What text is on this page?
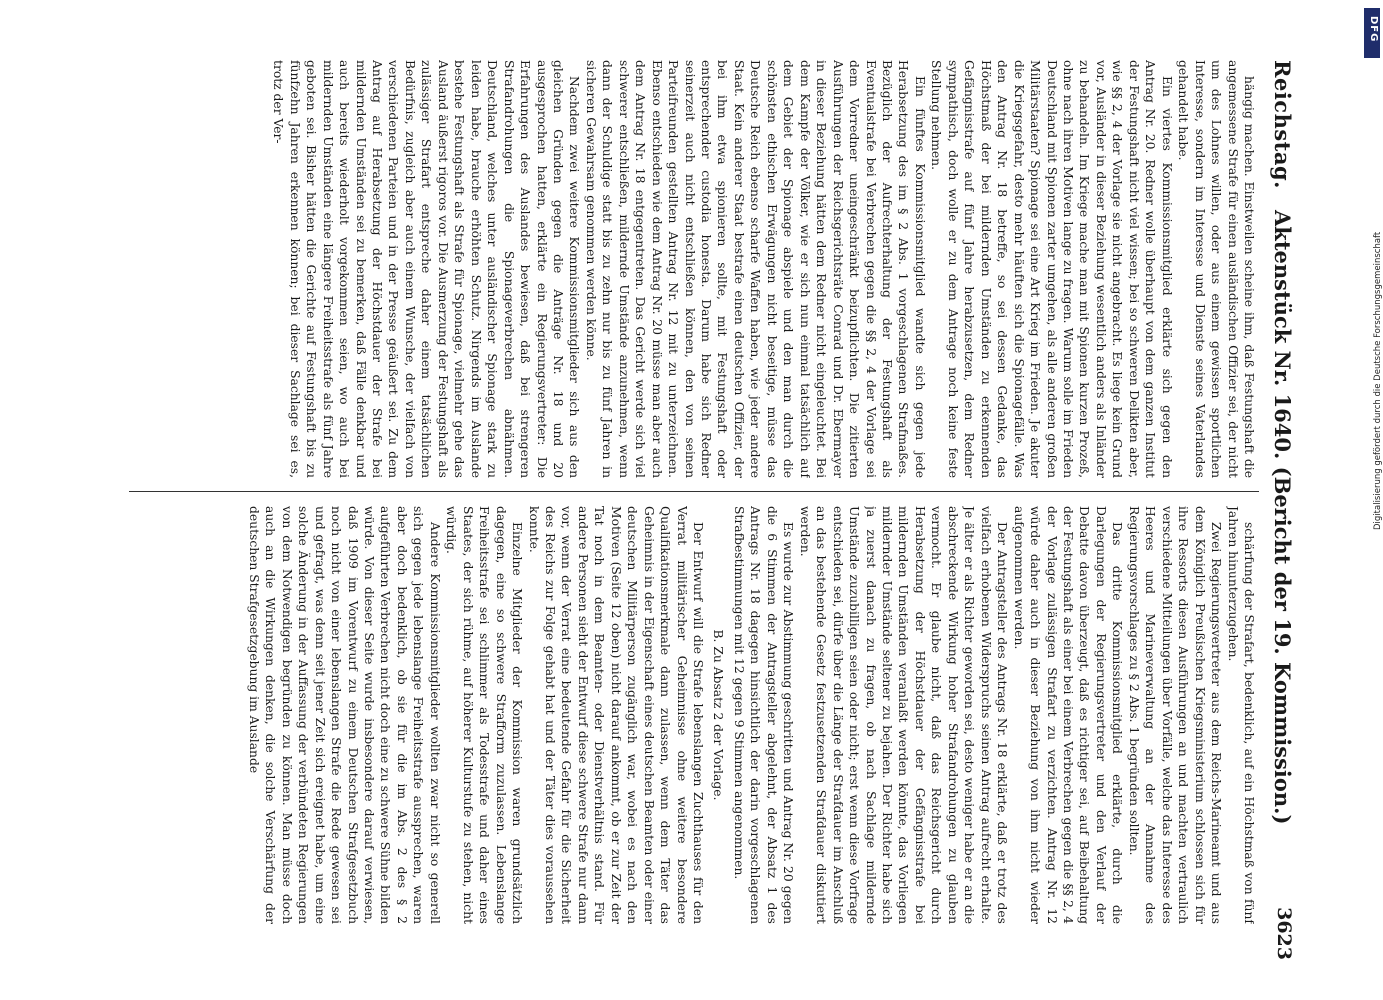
Reichstag.
Aktenstück Nr. 1640. (Bericht der 19. Kommission.)
3623

hängig machen. Einstweilen scheine ihm, daß Festungshaft die angemessene Strafe für einen ausländischen Offizier sei, der nicht um des Lohnes willen, oder aus einem gewissen sportlichen Interesse, sondern im Interesse und Dienste seines Vaterlandes gehandelt habe.

Ein viertes Kommissionsmitglied erklärte sich gegen den Antrag Nr. 20. Redner wolle überhaupt von dem ganzen Institut der Festungshaft nicht viel wissen; bei so schweren Delikten aber, wie §§ 2, 4 der Vorlage sie nicht angebracht. Es liege kein Grund vor, Ausländer in dieser Beziehung wesentlich anders als Inländer zu behandeln. Im Kriege mache man mit Spionen kurzen Prozeß, ohne nach ihren Motiven lange zu fragen. Warum solle im Frieden Deutschland mit Spionen zarter umgehen, als alle anderen großen Militärstaaten? Spionage sei eine Art Krieg im Frieden. Je akuter die Kriegsgefahr, desto mehr häuften sich die Spionagefälle. Was den Antrag Nr. 18 betreffe, so sei dessen Gedanke, das Höchstmaß der bei mildernden Umständen zu erkennenden Gefängnisstrafe auf fünf Jahre herabzusetzen, dem Redner sympathisch, doch wolle er zu dem Antrage noch keine feste Stellung nehmen.

Ein fünftes Kommissionsmitglied wandte sich gegen jede Herabsetzung des im § 2 Abs. 1 vorgeschlagenen Strafmaßes. Bezüglich der Aufrechterhaltung der Festungshaft als Eventualstrafe bei Verbrechen gegen die §§ 2, 4 der Vorlage sei dem Vorredner uneingeschränkt beizupflichten. Die zitierten Ausführungen der Reichsgerichtsräte Conrad und Dr. Ebermayer in dieser Beziehung hätten dem Redner nicht eingeleuchtet. Bei dem Kampfe der Völker, wie er sich nun einmal tatsächlich auf dem Gebiet der Spionage abspiele und den man durch die schönsten ethischen Erwägungen nicht beseitige, müsse das Deutsche Reich ebenso scharfe Waffen haben, wie jeder andere Staat. Kein anderer Staat bestrafe einen deutschen Offizier, der bei ihm etwa spionieren sollte, mit Festungshaft oder entsprechender custodia honesta. Darum habe sich Redner seinerzeit auch nicht entschließen können, den von seinen Parteifreunden gestellten Antrag Nr. 12 mit zu unterzeichnen. Ebenso entschieden wie dem Antrag Nr. 20 müsse man aber auch dem Antrag Nr. 18 entgegentreten. Das Gericht werde sich viel schwerer entschließen, mildernde Umstände anzunehmen, wenn dann der Schuldige statt bis zu zehn nur bis zu fünf Jahren in sicheren Gewahrsam genommen werden könne.

Nachdem zwei weitere Kommissionsmitglieder sich aus den gleichen Gründen gegen die Anträge Nr. 18 und 20 ausgesprochen hatten, erklärte ein Regierungsvertreter: Die Erfahrungen des Auslandes bewiesen, daß bei strengeren Strafandrohungen die Spionageverbrechen abnähmen. Deutschland, welches unter ausländischer Spionage stark zu leiden habe, brauche erhöhten Schutz. Nirgends im Auslande bestehe Festungshaft als Strafe für Spionage, vielmehr gehe das Ausland äußerst rigoros vor. Die Ausmerzung der Festungshaft als zulässiger Strafart entspreche daher einem tatsächlichen Bedürfnis, zugleich aber auch einem Wunsche, der vielfach von verschiedenen Parteien und in der Presse geäußert sei. Zu dem Antrag auf Herabsetzung der Höchstdauer der Strafe bei mildernden Umständen sei zu bemerken, daß Fälle denkbar und auch bereits wiederholt vorgekommen seien, wo auch bei mildernden Umständen eine längere Freiheitsstrafe als fünf Jahre geboten sei. Bisher hätten die Gerichte auf Festungshaft bis zu fünfzehn Jahren erkennen können; bei dieser Sachlage sei es, trotz der Ver-

schärfung der Strafart, bedenklich, auf ein Höchstmaß von fünf Jahren hinunterzugehen.

Zwei Regierungsvertreter aus dem Reichs-Marineamt und aus dem Königlich Preußischen Kriegsministerium schlossen sich für ihre Ressorts diesen Ausführungen an und machten vertraulich verschiedene Mitteilungen über Vorfälle, welche das Interesse des Heeres und Marineverwaltung an der Annahme des Regierungsvorschlages zu § 2 Abs. 1 begründen sollten.

Das dritte Kommissionsmitglied erklärte, durch die Darlegungen der Regierungsvertreter und den Verlauf der Debatte davon überzeugt, daß es richtiger sei, auf Beibehaltung der Festungshaft als einer bei einem Verbrechen gegen die §§ 2, 4 der Vorlage zulässigen Strafart zu verzichten. Antrag Nr. 12 würde daher auch in dieser Beziehung von ihm nicht wieder aufgenommen werden.

Der Antragsteller des Antrags Nr. 18 erklärte, daß er trotz des vielfach erhobenen Widerspruchs seinen Antrag aufrecht erhalte. Je älter er als Richter geworden sei, desto weniger habe er an die abschreckende Wirkung hoher Strafandrohungen zu glauben vermocht. Er glaube nicht, daß das Reichsgericht durch Herabsetzung der Höchstdauer der Gefängnisstrafe bei mildernden Umständen veranlaßt werden könnte, das Vorliegen mildernder Umstände seltener zu bejahen. Der Richter habe sich ja zuerst danach zu fragen, ob nach Sachlage mildernde Umstände zuzubilligen seien oder nicht; erst wenn diese Vorfrage entschieden sei, dürfe über die Länge der Strafdauer im Anschluß an das bestehende Gesetz festzusetzenden Strafdauer diskutiert werden.

Es wurde zur Abstimmung geschritten und Antrag Nr. 20 gegen die 6 Stimmen der Antragsteller abgelehnt, der Absatz 1 des Antrags Nr. 18 dagegen hinsichtlich der darin vorgeschlagenen Strafbestimmungen mit 12 gegen 9 Stimmen angenommen.

B. Zu Absatz 2 der Vorlage.

Der Entwurf will die Strafe lebenslangen Zuchthauses für den Verrat militärischer Geheimnisse ohne weitere besondere Qualifikationsmerkmale dann zulassen, wenn dem Täter das Geheimnis in der Eigenschaft eines deutschen Beamten oder einer deutschen Militärperson zugänglich war, wobei es nach den Motiven (Seite 12 oben) nicht darauf ankommt, ob er zur Zeit der Tat noch in dem Beamten- oder Dienstverhältnis stand. Für andere Personen sieht der Entwurf diese schwere Strafe nur dann vor, wenn der Verrat eine bedeutende Gefahr für die Sicherheit des Reichs zur Folge gehabt hat und der Täter dies voraussehen konnte.

Einzelne Mitglieder der Kommission waren grundsätzlich dagegen, eine so schwere Strafform zuzulassen. Lebenslange Freiheitsstrafe sei schlimmer als Todesstrafe und daher eines Staates, der sich rühme, auf höherer Kulturstufe zu stehen, nicht würdig.

Andere Kommissionsmitglieder wollten zwar nicht so generell sich gegen jede lebenslange Freiheitsstrafe aussprechen, waren aber doch bedenklich, ob sie für die im Abs. 2 des § 2 aufgeführten Verbrechen nicht doch eine zu schwere Sühne bilden würde. Von dieser Seite wurde insbesondere darauf verwiesen, daß 1909 im Vorentwurf zu einem Deutschen Strafgesetzbuch noch nicht von einer lebenslangen Strafe die Rede gewesen sei und gefragt, was denn seit jener Zeit sich ereignet habe, um eine solche Änderung in der Auffassung der verbündeten Regierungen von dem Notwendigen begründen zu können. Man müsse doch auch an die Wirkungen denken, die solche Verschärfung der deutschen Strafgesetzgebung im Auslande

Digitalisierung gefördert durch die Deutsche Forschungsgemeinschaft
DFG
